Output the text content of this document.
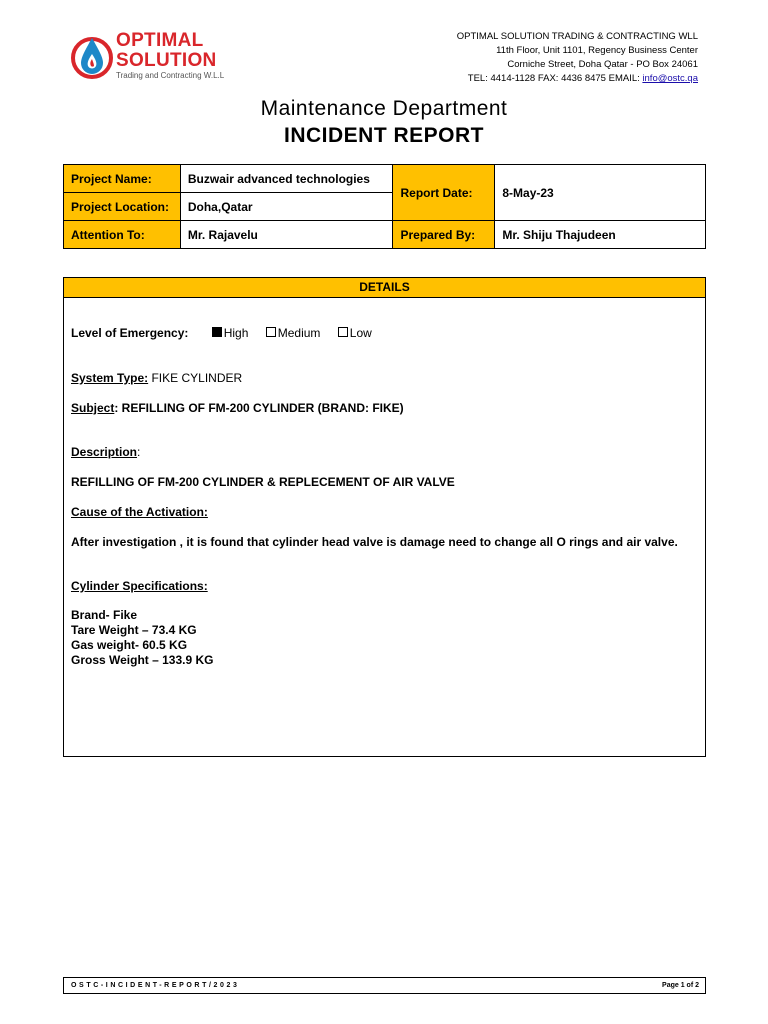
OPTIMAL
SOLUTION
Trading and Contracting W.L.L
OPTIMAL SOLUTION TRADING & CONTRACTING WLL
11th Floor, Unit 1101, Regency Business Center
Corniche Street, Doha Qatar - PO Box 24061
TEL: 4414-1128 FAX: 4436 8475 EMAIL: info@ostc.qa
Maintenance Department
INCIDENT REPORT
Project Name:	Buzwair advanced technologies	Report Date:	8-May-23
Project Location:	Doha,Qatar		
Attention To:	Mr. Rajavelu	Prepared By:	Mr. Shiju Thajudeen
DETAILS
Level of Emergency:	High Medium Low
System Type: FIKE CYLINDER
Subject: REFILLING OF FM-200 CYLINDER (BRAND: FIKE)
Description:
REFILLING OF FM-200 CYLINDER & REPLECEMENT OF AIR VALVE
Cause of the Activation:
After investigation , it is found that cylinder head valve is damage need to change all O rings and air valve.
Cylinder Specifications:
Brand- Fike
Tare Weight – 73.4 KG
Gas weight- 60.5 KG
Gross Weight – 133.9 KG
OSTC-INCIDENT-REPORT/2023	Page 1 of 2
